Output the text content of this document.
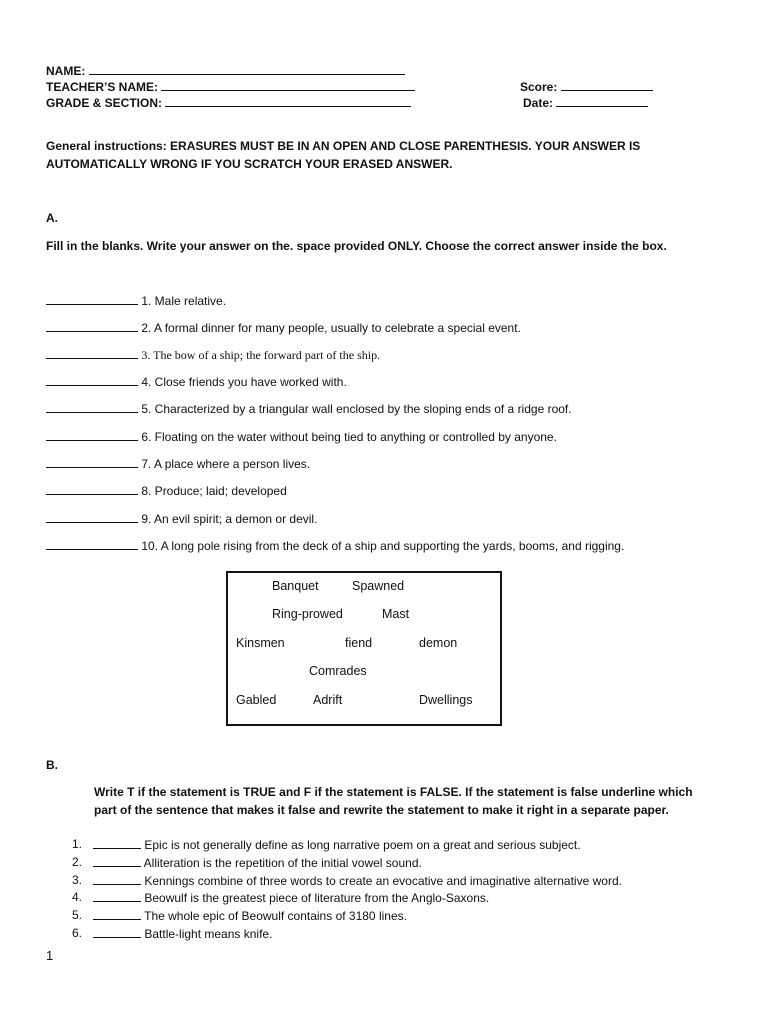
NAME:
TEACHER’S NAME:
GRADE & SECTION:
Score:
Date:
General instructions: ERASURES MUST BE IN AN OPEN AND CLOSE PARENTHESIS. YOUR ANSWER IS
AUTOMATICALLY WRONG IF YOU SCRATCH YOUR ERASED ANSWER.
A.
Fill in the blanks. Write your answer on the. space provided ONLY. Choose the correct answer inside the box.
1. Male relative.
2. A formal dinner for many people, usually to celebrate a special event.
3. The bow of a ship; the forward part of the ship.
4. Close friends you have worked with.
5. Characterized by a triangular wall enclosed by the sloping ends of a ridge roof.
6. Floating on the water without being tied to anything or controlled by anyone.
7. A place where a person lives.
8. Produce; laid; developed
9. An evil spirit; a demon or devil.
10. A long pole rising from the deck of a ship and supporting the yards, booms, and rigging.
Banquet	Spawned
Ring-prowed	Mast
Kinsmen	fiend	demon
Comrades
Gabled	Adrift	Dwellings
B.
Write T if the statement is TRUE and F if the statement is FALSE. If the statement is false underline which
part of the sentence that makes it false and rewrite the statement to make it right in a separate paper.
1.	Epic is not generally define as long narrative poem on a great and serious subject.
2.	Alliteration is the repetition of the initial vowel sound.
3.	Kennings combine of three words to create an evocative and imaginative alternative word.
4.	Beowulf is the greatest piece of literature from the Anglo-Saxons.
5.	The whole epic of Beowulf contains of 3180 lines.
6.	Battle-light means knife.
1
